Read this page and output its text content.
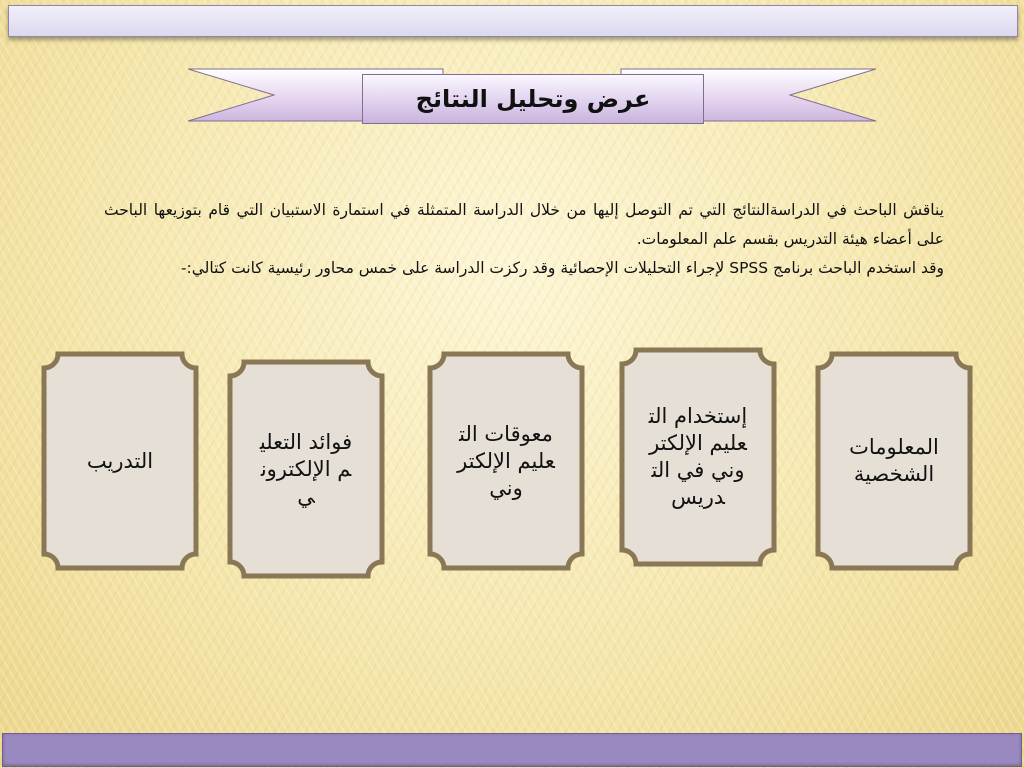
عرض وتحليل النتائج

يناقش الباحث في الدراسةالنتائج التي تم التوصل إليها من خلال الدراسة المتمثلة في استمارة الاستبيان التي قام بتوزيعها الباحث على أعضاء هيئة التدريس بقسم علم المعلومات.

وقد استخدم الباحث برنامج SPSS لإجراء التحليلات الإحصائية وقد ركزت الدراسة على خمس محاور رئيسية كانت كتالي:-

المعلومات الشخصية
إستخدام التعليم الإلكتروني في التدريس
معوقات التعليم الإلكتروني
فوائد التعليم الإلكتروني
التدريب
